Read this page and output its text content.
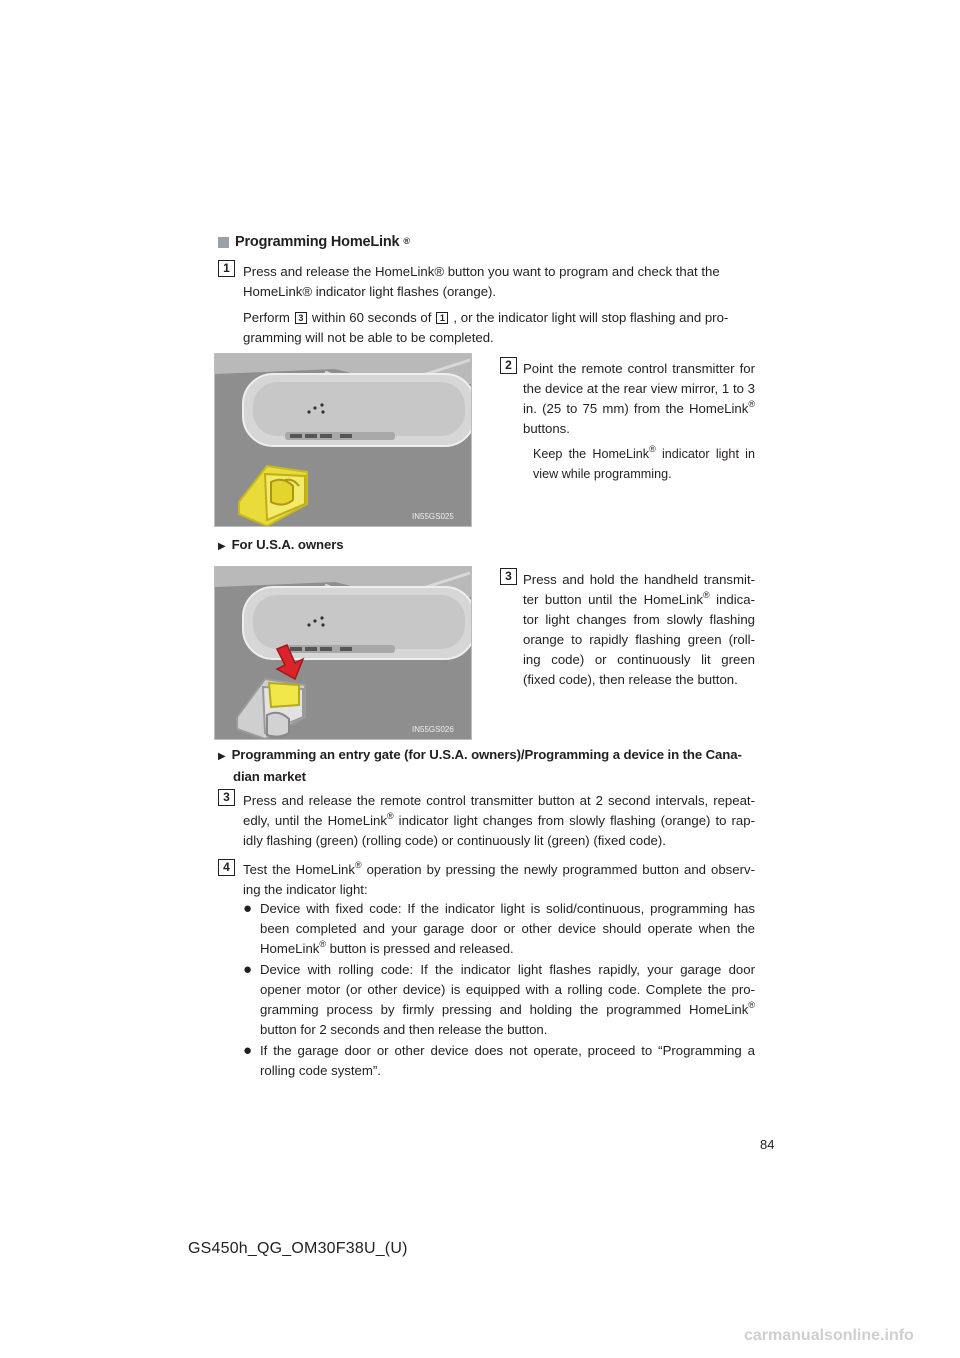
Programming HomeLink ®
1 Press and release the HomeLink® button you want to program and check that the
HomeLink® indicator light flashes (orange).
Perform 3 within 60 seconds of 1 , or the indicator light will stop flashing and pro-
gramming will not be able to be completed.
IN55GS025
2 Point the remote control transmitter for the device at the rear view mirror, 1 to 3 in. (25 to 75 mm) from the HomeLink® buttons.
Keep the HomeLink® indicator light in view while programming.
▶ For U.S.A. owners
IN55GS026
3 Press and hold the handheld transmit-ter button until the HomeLink® indica-tor light changes from slowly flashing orange to rapidly flashing green (roll-ing code) or continuously lit green (fixed code), then release the button.
▶ Programming an entry gate (for U.S.A. owners)/Programming a device in the Cana-
dian market
3 Press and release the remote control transmitter button at 2 second intervals, repeat-edly, until the HomeLink® indicator light changes from slowly flashing (orange) to rap-idly flashing (green) (rolling code) or continuously lit (green) (fixed code).
4 Test the HomeLink® operation by pressing the newly programmed button and observ-ing the indicator light:
● Device with fixed code: If the indicator light is solid/continuous, programming has been completed and your garage door or other device should operate when the HomeLink® button is pressed and released.
● Device with rolling code: If the indicator light flashes rapidly, your garage door opener motor (or other device) is equipped with a rolling code. Complete the pro-gramming process by firmly pressing and holding the programmed HomeLink® button for 2 seconds and then release the button.
● If the garage door or other device does not operate, proceed to “Programming a rolling code system”.
84
GS450h_QG_OM30F38U_(U)
carmanualsonline.info
